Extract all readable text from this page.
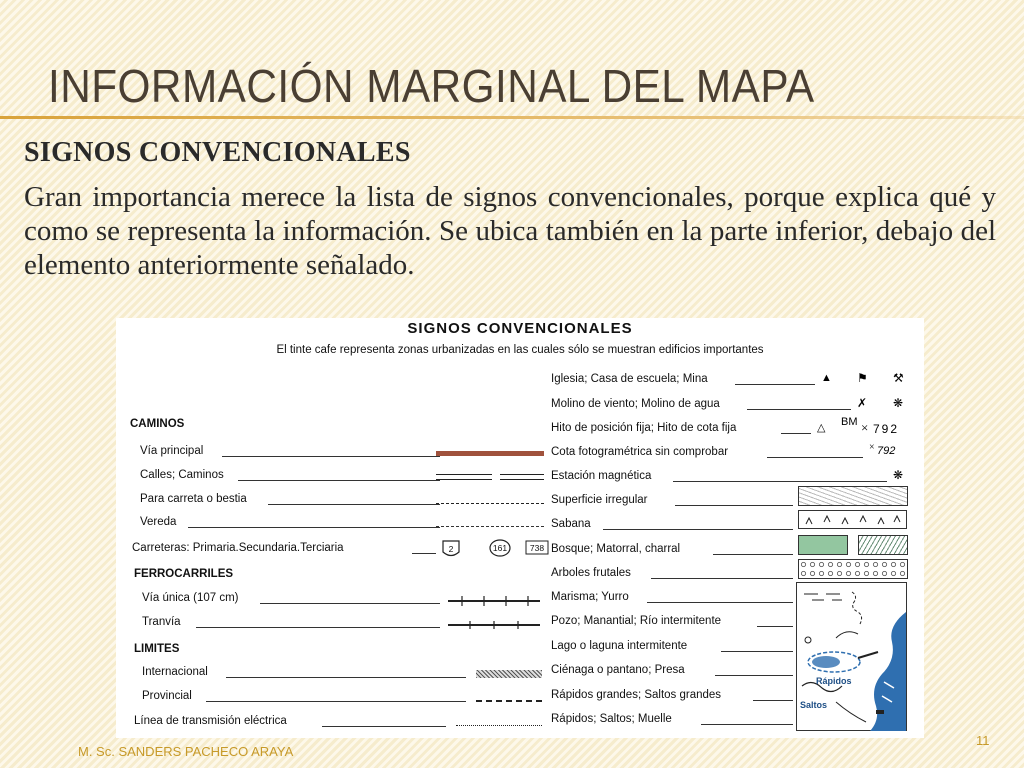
INFORMACIÓN MARGINAL DEL MAPA
SIGNOS CONVENCIONALES

Gran importancia merece la lista de signos convencionales, porque explica qué y como se representa la información. Se ubica también en la parte inferior, debajo del elemento anteriormente señalado.

SIGNOS CONVENCIONALES
El tinte cafe representa zonas urbanizadas en las cuales sólo se muestran edificios importantes
CAMINOS
Vía principal
Calles; Caminos
Para carreta o bestia
Vereda
Carreteras: Primaria.Secundaria.Terciaria	2	161	738
FERROCARRILES
Vía única (107 cm)
Tranvía
LIMITES
Internacional
Provincial
Línea de transmisión eléctrica
Iglesia; Casa de escuela; Mina	▲ ⚑ ⚒
Molino de viento; Molino de agua	✗ ❋
Hito de posición fija; Hito de cota fija	△ BM × 792
Cota fotogramétrica sin comprobar	× 792
Estación magnética	❋
Superficie irregular
Sabana
Bosque; Matorral, charral
Arboles frutales
Marisma; Yurro
Pozo; Manantial; Río intermitente
Lago o laguna intermitente
Ciénaga o pantano; Presa
Rápidos grandes; Saltos grandes
Rápidos; Saltos; Muelle
Rápidos
Saltos
M. Sc. SANDERS PACHECO ARAYA
11
